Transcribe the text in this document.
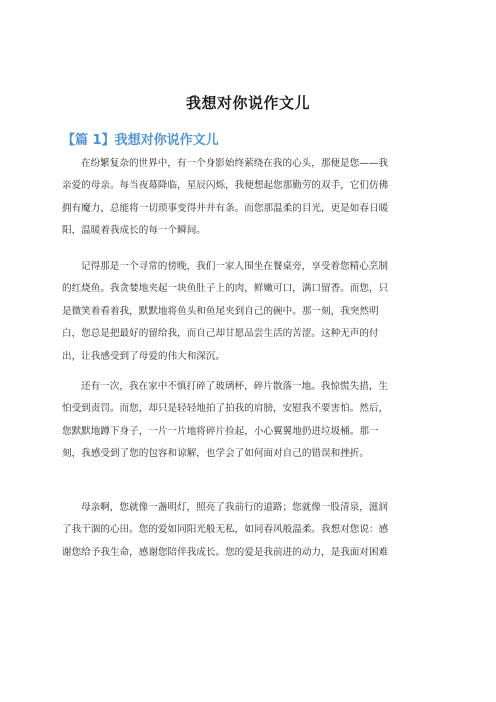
我想对你说作文儿
【篇 1】我想对你说作文儿
在纷繁复杂的世界中，有一个身影始终萦绕在我的心头，那便是您——我
亲爱的母亲。每当夜幕降临，星辰闪烁，我便想起您那勤劳的双手，它们仿佛
拥有魔力，总能将一切琐事变得井井有条。而您那温柔的目光，更是如春日暖
阳，温暖着我成长的每一个瞬间。
记得那是一个寻常的傍晚，我们一家人围坐在餐桌旁，享受着您精心烹制
的红烧鱼。我贪婪地夹起一块鱼肚子上的肉，鲜嫩可口，满口留香。而您，只
是微笑着看着我，默默地将鱼头和鱼尾夹到自己的碗中。那一刻，我突然明
白，您总是把最好的留给我，而自己却甘愿品尝生活的苦涩。这种无声的付
出，让我感受到了母爱的伟大和深沉。
还有一次，我在家中不慎打碎了玻璃杯，碎片散落一地。我惊慌失措，生
怕受到责罚。而您，却只是轻轻地拍了拍我的肩膀，安慰我不要害怕。然后，
您默默地蹲下身子，一片一片地将碎片捡起，小心翼翼地扔进垃圾桶。那一
刻，我感受到了您的包容和谅解，也学会了如何面对自己的错误和挫折。
母亲啊，您就像一盏明灯，照亮了我前行的道路；您就像一股清泉，滋润
了我干涸的心田。您的爱如同阳光般无私，如同春风般温柔。我想对您说：感
谢您给予我生命，感谢您陪伴我成长。您的爱是我前进的动力，是我面对困难
